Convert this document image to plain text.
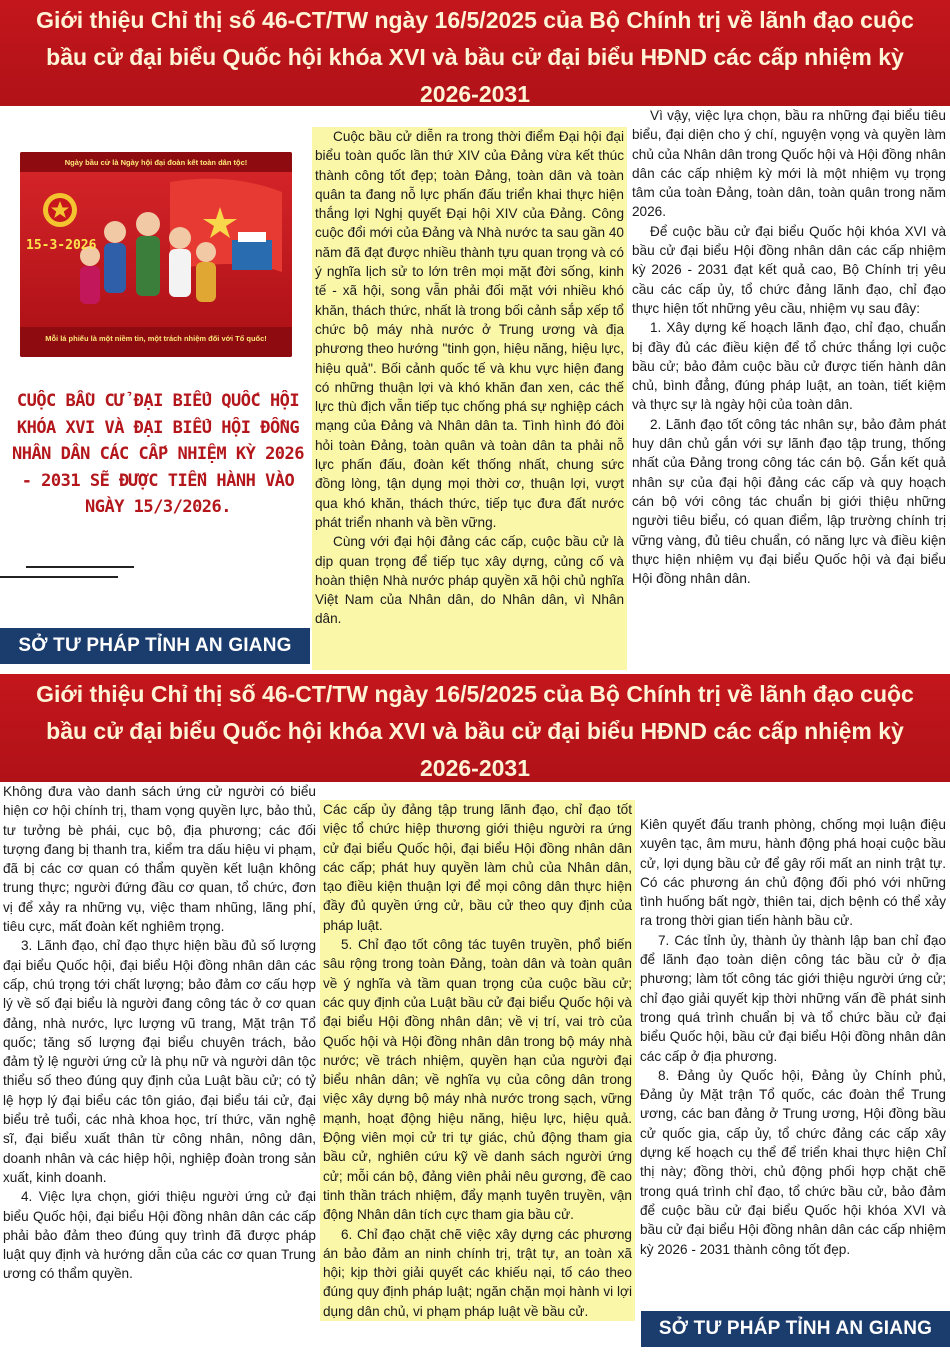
Giới thiệu Chỉ thị số 46-CT/TW ngày 16/5/2025 của Bộ Chính trị về lãnh đạo cuộc bầu cử đại biểu Quốc hội khóa XVI và bầu cử đại biểu HĐND các cấp nhiệm kỳ 2026-2031
Ngày bầu cử là Ngày hội đại đoàn kết toàn dân tộc!
15-3-2026
Mỗi lá phiếu là một niềm tin, một trách nhiệm đối với Tổ quốc!
CUỘC BẦU CỬ ĐẠI BIỂU QUỐC HỘI KHÓA XVI VÀ ĐẠI BIỂU HỘI ĐỒNG NHÂN DÂN CÁC CẤP NHIỆM KỲ 2026 - 2031 SẼ ĐƯỢC TIẾN HÀNH VÀO NGÀY 15/3/2026.
SỞ TƯ PHÁP TỈNH AN GIANG

Cuộc bầu cử diễn ra trong thời điểm Đại hội đại biểu toàn quốc lần thứ XIV của Đảng vừa kết thúc thành công tốt đẹp; toàn Đảng, toàn dân và toàn quân ta đang nỗ lực phấn đấu triển khai thực hiện thắng lợi Nghị quyết Đại hội XIV của Đảng. Công cuộc đổi mới của Đảng và Nhà nước ta sau gần 40 năm đã đạt được nhiều thành tựu quan trọng và có ý nghĩa lịch sử to lớn trên mọi mặt đời sống, kinh tế - xã hội, song vẫn phải đối mặt với nhiều khó khăn, thách thức, nhất là trong bối cảnh sắp xếp tổ chức bộ máy nhà nước ở Trung ương và địa phương theo hướng "tinh gọn, hiệu năng, hiệu lực, hiệu quả". Bối cảnh quốc tế và khu vực hiện đang có những thuận lợi và khó khăn đan xen, các thế lực thù địch vẫn tiếp tục chống phá sự nghiệp cách mạng của Đảng và Nhân dân ta. Tình hình đó đòi hỏi toàn Đảng, toàn quân và toàn dân ta phải nỗ lực phấn đấu, đoàn kết thống nhất, chung sức đồng lòng, tận dụng mọi thời cơ, thuận lợi, vượt qua khó khăn, thách thức, tiếp tục đưa đất nước phát triển nhanh và bền vững.

Cùng với đại hội đảng các cấp, cuộc bầu cử là dịp quan trọng để tiếp tục xây dựng, củng cố và hoàn thiện Nhà nước pháp quyền xã hội chủ nghĩa Việt Nam của Nhân dân, do Nhân dân, vì Nhân dân.

Vì vậy, việc lựa chọn, bầu ra những đại biểu tiêu biểu, đại diện cho ý chí, nguyện vọng và quyền làm chủ của Nhân dân trong Quốc hội và Hội đồng nhân dân các cấp nhiệm kỳ mới là một nhiệm vụ trọng tâm của toàn Đảng, toàn dân, toàn quân trong năm 2026.

Để cuộc bầu cử đại biểu Quốc hội khóa XVI và bầu cử đại biểu Hội đồng nhân dân các cấp nhiệm kỳ 2026 - 2031 đạt kết quả cao, Bộ Chính trị yêu cầu các cấp ủy, tổ chức đảng lãnh đạo, chỉ đạo thực hiện tốt những yêu cầu, nhiệm vụ sau đây:

1. Xây dựng kế hoạch lãnh đạo, chỉ đạo, chuẩn bị đầy đủ các điều kiện để tổ chức thắng lợi cuộc bầu cử; bảo đảm cuộc bầu cử được tiến hành dân chủ, bình đẳng, đúng pháp luật, an toàn, tiết kiệm và thực sự là ngày hội của toàn dân.

2. Lãnh đạo tốt công tác nhân sự, bảo đảm phát huy dân chủ gắn với sự lãnh đạo tập trung, thống nhất của Đảng trong công tác cán bộ. Gắn kết quả nhân sự của đại hội đảng các cấp và quy hoạch cán bộ với công tác chuẩn bị giới thiệu những người tiêu biểu, có quan điểm, lập trường chính trị vững vàng, đủ tiêu chuẩn, có năng lực và điều kiện thực hiện nhiệm vụ đại biểu Quốc hội và đại biểu Hội đồng nhân dân.

Giới thiệu Chỉ thị số 46-CT/TW ngày 16/5/2025 của Bộ Chính trị về lãnh đạo cuộc bầu cử đại biểu Quốc hội khóa XVI và bầu cử đại biểu HĐND các cấp nhiệm kỳ 2026-2031

Không đưa vào danh sách ứng cử người có biểu hiện cơ hội chính trị, tham vọng quyền lực, bảo thủ, tư tưởng bè phái, cục bộ, địa phương; các đối tượng đang bị thanh tra, kiểm tra dấu hiệu vi phạm, đã bị các cơ quan có thẩm quyền kết luận không trung thực; người đứng đầu cơ quan, tổ chức, đơn vị để xảy ra những vụ, việc tham nhũng, lãng phí, tiêu cực, mất đoàn kết nghiêm trọng.

3. Lãnh đạo, chỉ đạo thực hiện bầu đủ số lượng đại biểu Quốc hội, đại biểu Hội đồng nhân dân các cấp, chú trọng tới chất lượng; bảo đảm cơ cấu hợp lý về số đại biểu là người đang công tác ở cơ quan đảng, nhà nước, lực lượng vũ trang, Mặt trận Tổ quốc; tăng số lượng đại biểu chuyên trách, bảo đảm tỷ lệ người ứng cử là phụ nữ và người dân tộc thiểu số theo đúng quy định của Luật bầu cử; có tỷ lệ hợp lý đại biểu các tôn giáo, đại biểu tái cử, đại biểu trẻ tuổi, các nhà khoa học, trí thức, văn nghệ sĩ, đại biểu xuất thân từ công nhân, nông dân, doanh nhân và các hiệp hội, nghiệp đoàn trong sản xuất, kinh doanh.

4. Việc lựa chọn, giới thiệu người ứng cử đại biểu Quốc hội, đại biểu Hội đồng nhân dân các cấp phải bảo đảm theo đúng quy trình đã được pháp luật quy định và hướng dẫn của các cơ quan Trung ương có thẩm quyền.

Các cấp ủy đảng tập trung lãnh đạo, chỉ đạo tốt việc tổ chức hiệp thương giới thiệu người ra ứng cử đại biểu Quốc hội, đại biểu Hội đồng nhân dân các cấp; phát huy quyền làm chủ của Nhân dân, tạo điều kiện thuận lợi để mọi công dân thực hiện đầy đủ quyền ứng cử, bầu cử theo quy định của pháp luật.

5. Chỉ đạo tốt công tác tuyên truyền, phổ biến sâu rộng trong toàn Đảng, toàn dân và toàn quân về ý nghĩa và tầm quan trọng của cuộc bầu cử; các quy định của Luật bầu cử đại biểu Quốc hội và đại biểu Hội đồng nhân dân; về vị trí, vai trò của Quốc hội và Hội đồng nhân dân trong bộ máy nhà nước; về trách nhiệm, quyền hạn của người đại biểu nhân dân; về nghĩa vụ của công dân trong việc xây dựng bộ máy nhà nước trong sạch, vững mạnh, hoạt động hiệu năng, hiệu lực, hiệu quả. Động viên mọi cử tri tự giác, chủ động tham gia bầu cử, nghiên cứu kỹ về danh sách người ứng cử; mỗi cán bộ, đảng viên phải nêu gương, đề cao tinh thần trách nhiệm, đẩy mạnh tuyên truyền, vận động Nhân dân tích cực tham gia bầu cử.

6. Chỉ đạo chặt chẽ việc xây dựng các phương án bảo đảm an ninh chính trị, trật tự, an toàn xã hội; kịp thời giải quyết các khiếu nại, tố cáo theo đúng quy định pháp luật; ngăn chặn mọi hành vi lợi dụng dân chủ, vi phạm pháp luật về bầu cử.

Kiên quyết đấu tranh phòng, chống mọi luận điệu xuyên tạc, âm mưu, hành động phá hoại cuộc bầu cử, lợi dụng bầu cử để gây rối mất an ninh trật tự. Có các phương án chủ động đối phó với những tình huống bất ngờ, thiên tai, dịch bệnh có thể xảy ra trong thời gian tiến hành bầu cử.

7. Các tỉnh ủy, thành ủy thành lập ban chỉ đạo để lãnh đạo toàn diện công tác bầu cử ở địa phương; làm tốt công tác giới thiệu người ứng cử; chỉ đạo giải quyết kịp thời những vấn đề phát sinh trong quá trình chuẩn bị và tổ chức bầu cử đại biểu Quốc hội, bầu cử đại biểu Hội đồng nhân dân các cấp ở địa phương.

8. Đảng ủy Quốc hội, Đảng ủy Chính phủ, Đảng ủy Mặt trận Tổ quốc, các đoàn thể Trung ương, các ban đảng ở Trung ương, Hội đồng bầu cử quốc gia, cấp ủy, tổ chức đảng các cấp xây dựng kế hoạch cụ thể để triển khai thực hiện Chỉ thị này; đồng thời, chủ động phối hợp chặt chẽ trong quá trình chỉ đạo, tổ chức bầu cử, bảo đảm để cuộc bầu cử đại biểu Quốc hội khóa XVI và bầu cử đại biểu Hội đồng nhân dân các cấp nhiệm kỳ 2026 - 2031 thành công tốt đẹp.

SỞ TƯ PHÁP TỈNH AN GIANG
